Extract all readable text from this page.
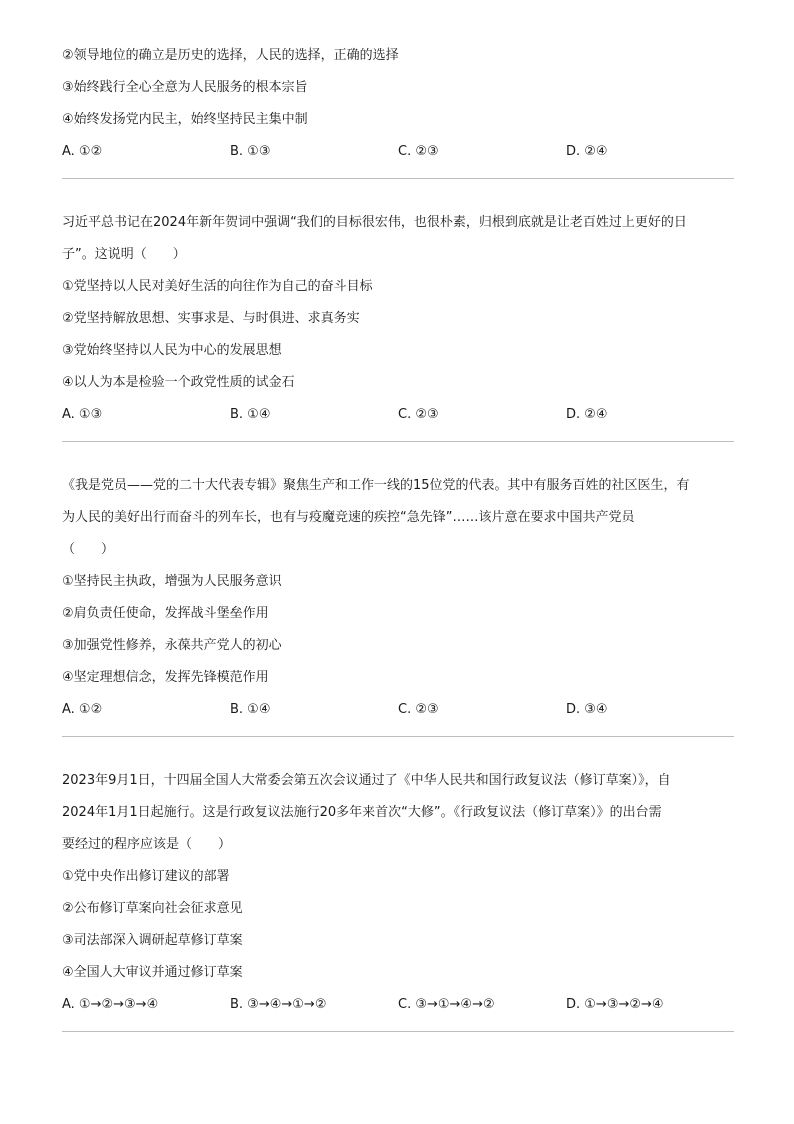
②领导地位的确立是历史的选择，人民的选择，正确的选择
③始终践行全心全意为人民服务的根本宗旨
④始终发扬党内民主，始终坚持民主集中制
A. ①②	B. ①③	C. ②③	D. ②④
习近平总书记在2024年新年贺词中强调“我们的目标很宏伟，也很朴素，归根到底就是让老百姓过上更好的日
子”。这说明（　　）
①党坚持以人民对美好生活的向往作为自己的奋斗目标
②党坚持解放思想、实事求是、与时俱进、求真务实
③党始终坚持以人民为中心的发展思想
④以人为本是检验一个政党性质的试金石
A. ①③	B. ①④	C. ②③	D. ②④
《我是党员——党的二十大代表专辑》聚焦生产和工作一线的15位党的代表。其中有服务百姓的社区医生，有
为人民的美好出行而奋斗的列车长，也有与疫魔竞速的疾控“急先锋”……该片意在要求中国共产党员
（　　）
①坚持民主执政，增强为人民服务意识
②肩负责任使命，发挥战斗堡垒作用
③加强党性修养，永葆共产党人的初心
④坚定理想信念，发挥先锋模范作用
A. ①②	B. ①④	C. ②③	D. ③④
2023年9月1日，十四届全国人大常委会第五次会议通过了《中华人民共和国行政复议法（修订草案）》，自
2024年1月1日起施行。这是行政复议法施行20多年来首次“大修”。《行政复议法（修订草案）》的出台需
要经过的程序应该是（　　）
①党中央作出修订建议的部署
②公布修订草案向社会征求意见
③司法部深入调研起草修订草案
④全国人大审议并通过修订草案
A. ①→②→③→④	B. ③→④→①→②	C. ③→①→④→②	D. ①→③→②→④
